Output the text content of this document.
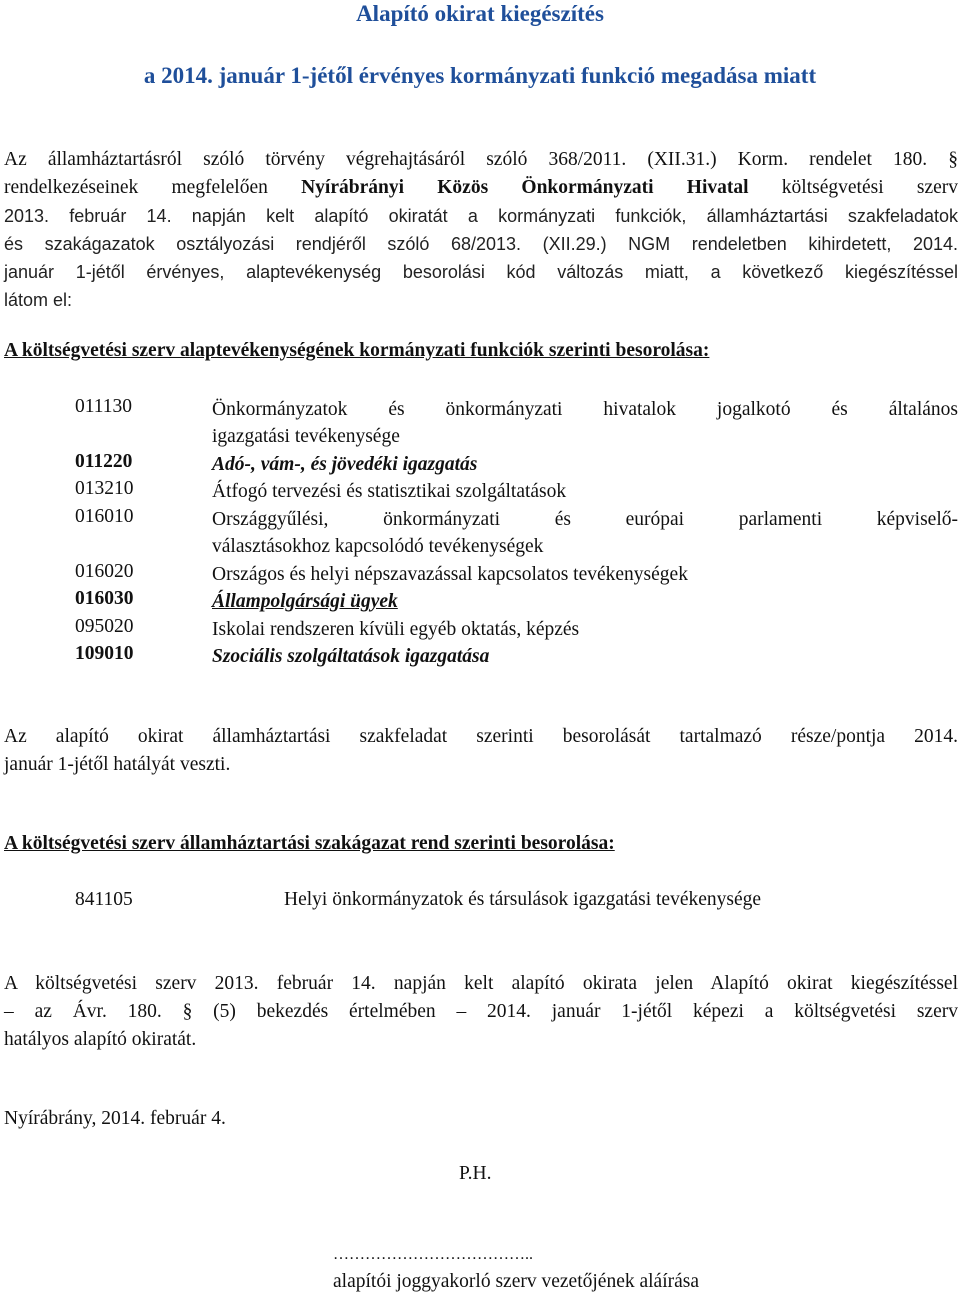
Alapító okirat kiegészítés
a 2014. január 1-jétől érvényes kormányzati funkció megadása miatt
Az államháztartásról szóló törvény végrehajtásáról szóló 368/2011. (XII.31.) Korm. rendelet 180. §
rendelkezéseinek megfelelően Nyírábrányi Közös Önkormányzati Hivatal költségvetési szerv
2013. február 14. napján kelt alapító okiratát a kormányzati funkciók, államháztartási szakfeladatok
és szakágazatok osztályozási rendjéről szóló 68/2013. (XII.29.) NGM rendeletben kihirdetett, 2014.
január 1-jétől érvényes, alaptevékenység besorolási kód változás miatt, a következő kiegészítéssel
látom el:
A költségvetési szerv alaptevékenységének kormányzati funkciók szerinti besorolása:
011130	Önkormányzatok és önkormányzati hivatalok jogalkotó és általános
igazgatási tevékenysége
011220	Adó-, vám-, és jövedéki igazgatás
013210	Átfogó tervezési és statisztikai szolgáltatások
016010	Országgyűlési, önkormányzati és európai parlamenti képviselő-
választásokhoz kapcsolódó tevékenységek
016020	Országos és helyi népszavazással kapcsolatos tevékenységek
016030	Állampolgársági ügyek
095020	Iskolai rendszeren kívüli egyéb oktatás, képzés
109010	Szociális szolgáltatások igazgatása
Az alapító okirat államháztartási szakfeladat szerinti besorolását tartalmazó része/pontja 2014.
január 1-jétől hatályát veszti.
A költségvetési szerv államháztartási szakágazat rend szerinti besorolása:
841105	Helyi önkormányzatok és társulások igazgatási tevékenysége
A költségvetési szerv 2013. február 14. napján kelt alapító okirata jelen Alapító okirat kiegészítéssel
– az Ávr. 180. § (5) bekezdés értelmében – 2014. január 1-jétől képezi a költségvetési szerv
hatályos alapító okiratát.
Nyírábrány, 2014. február 4.
P.H.
………………………………..
alapítói joggyakorló szerv vezetőjének aláírása
